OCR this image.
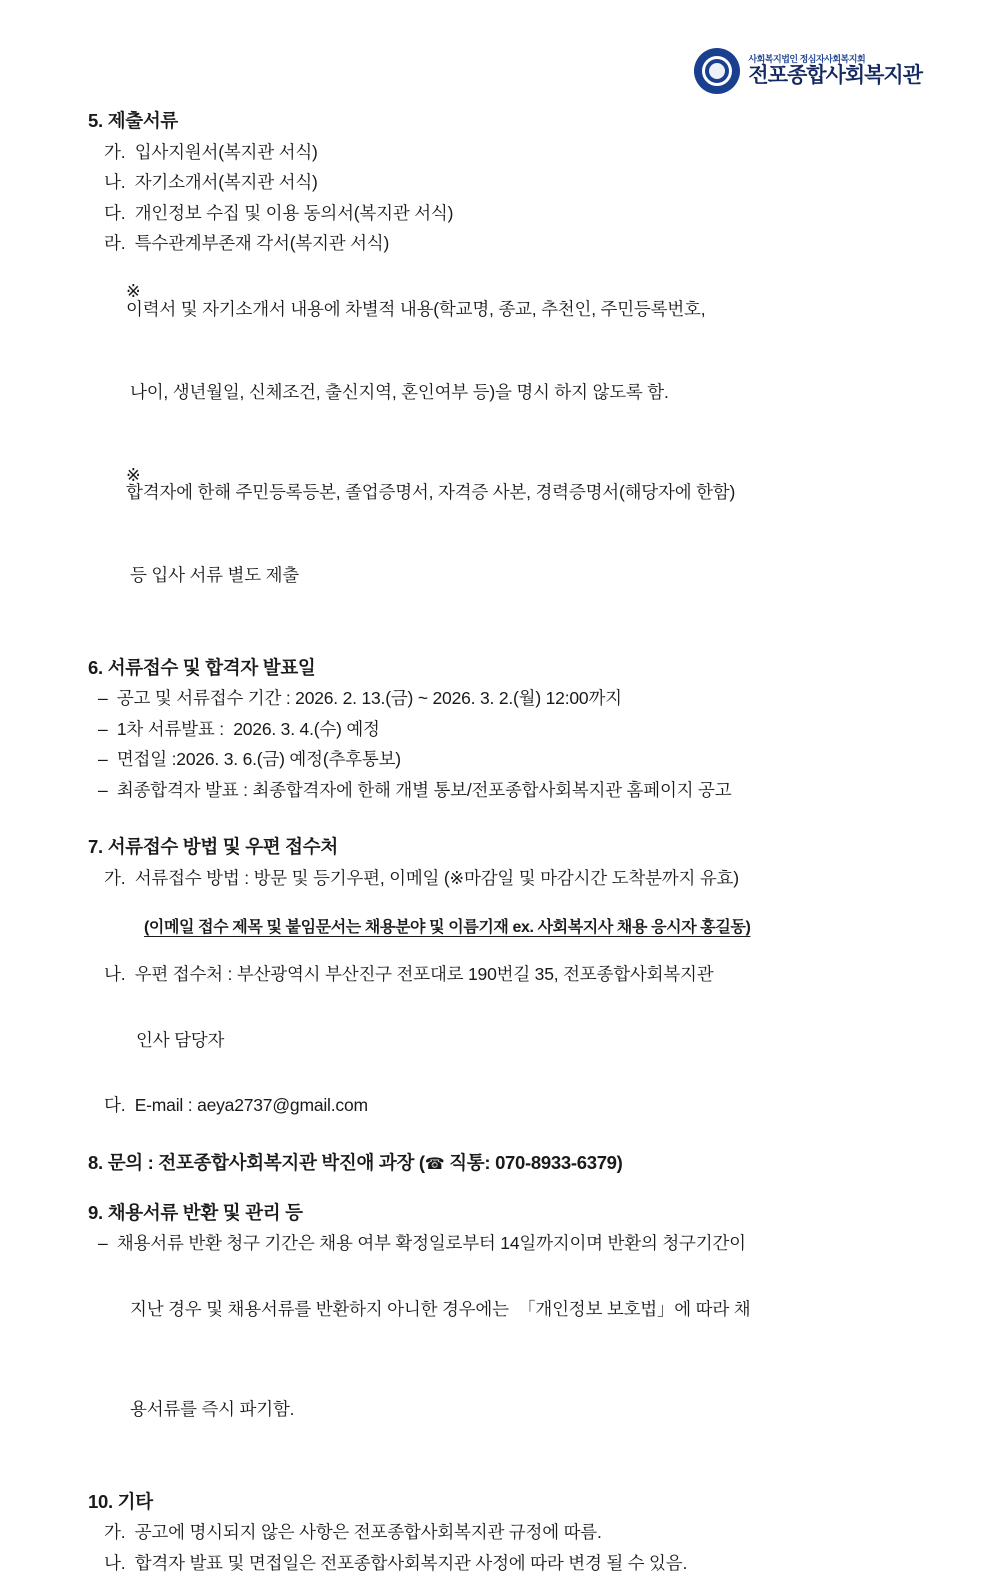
사회복지법인 정심자사회복지회
전포종합사회복지관
5. 제출서류
가.  입사지원서(복지관 서식)
나.  자기소개서(복지관 서식)
다.  개인정보 수집 및 이용 동의서(복지관 서식)
라.  특수관계부존재 각서(복지관 서식)

※
이력서 및 자기소개서 내용에 차별적 내용(학교명, 종교, 추천인, 주민등록번호,

나이, 생년월일, 신체조건, 출신지역, 혼인여부 등)을 명시 하지 않도록 함.

※
합격자에 한해 주민등록등본, 졸업증명서, 자격증 사본, 경력증명서(해당자에 한함)

등 입사 서류 별도 제출

6. 서류접수 및 합격자 발표일
–  공고 및 서류접수 기간 : 2026. 2. 13.(금) ~ 2026. 3. 2.(월) 12:00까지
–  1차 서류발표 :  2026. 3. 4.(수) 예정
–  면접일 :2026. 3. 6.(금) 예정(추후통보)
–  최종합격자 발표 : 최종합격자에 한해 개별 통보/전포종합사회복지관 홈페이지 공고
7. 서류접수 방법 및 우편 접수처
가.  서류접수 방법 : 방문 및 등기우편, 이메일 (※마감일 및 마감시간 도착분까지 유효)

(이메일 접수 제목 및 붙임문서는 채용분야 및 이름기재 ex. 사회복지사 채용 응시자 홍길동)

나.  우편 접수처 : 부산광역시 부산진구 전포대로 190번길 35, 전포종합사회복지관

인사 담당자

다.  E-mail : aeya2737@gmail.com
8. 문의 : 전포종합사회복지관 박진애 과장 (☎ 직통: 070-8933-6379)
9. 채용서류 반환 및 관리 등
–  채용서류 반환 청구 기간은 채용 여부 확정일로부터 14일까지이며 반환의 청구기간이

지난 경우 및 채용서류를 반환하지 아니한 경우에는  「개인정보 보호법」에 따라 채

용서류를 즉시 파기함.

10. 기타
가.  공고에 명시되지 않은 사항은 전포종합사회복지관 규정에 따름.
나.  합격자 발표 및 면접일은 전포종합사회복지관 사정에 따라 변경 될 수 있음.
